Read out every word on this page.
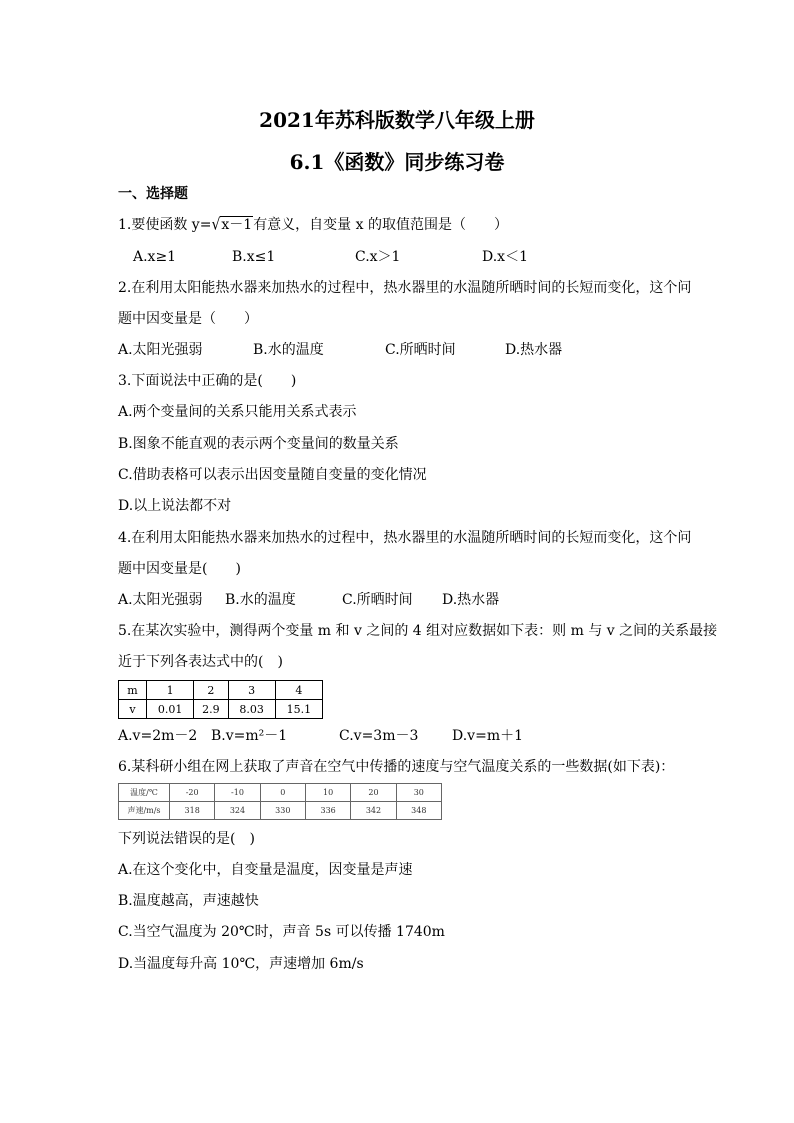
2021年苏科版数学八年级上册
6.1《函数》同步练习卷
一、选择题
1.要使函数 y=√x－1有意义，自变量 x 的取值范围是（　　）
A.x≥1	B.x≤1	C.x＞1	D.x＜1
2.在利用太阳能热水器来加热水的过程中，热水器里的水温随所晒时间的长短而变化，这个问
题中因变量是（　　）
A.太阳光强弱	B.水的温度	C.所晒时间	D.热水器
3.下面说法中正确的是(　　)
A.两个变量间的关系只能用关系式表示
B.图象不能直观的表示两个变量间的数量关系
C.借助表格可以表示出因变量随自变量的变化情况
D.以上说法都不对
4.在利用太阳能热水器来加热水的过程中，热水器里的水温随所晒时间的长短而变化，这个问
题中因变量是(　　)
A.太阳光强弱 B.水的温度	C.所晒时间 D.热水器
5.在某次实验中，测得两个变量 m 和 v 之间的 4 组对应数据如下表：则 m 与 v 之间的关系最接
近于下列各表达式中的(　)
m	1	2	3	4
v	0.01	2.9	8.03	15.1
A.v=2m－2 B.v=m²－1	C.v=3m－3 D.v=m＋1
6.某科研小组在网上获取了声音在空气中传播的速度与空气温度关系的一些数据(如下表)：
温度/℃	-20	-10	0	10	20	30
声速/m/s	318	324	330	336	342	348
下列说法错误的是(　)
A.在这个变化中，自变量是温度，因变量是声速
B.温度越高，声速越快
C.当空气温度为 20℃时，声音 5s 可以传播 1740m
D.当温度每升高 10℃，声速增加 6m/s
